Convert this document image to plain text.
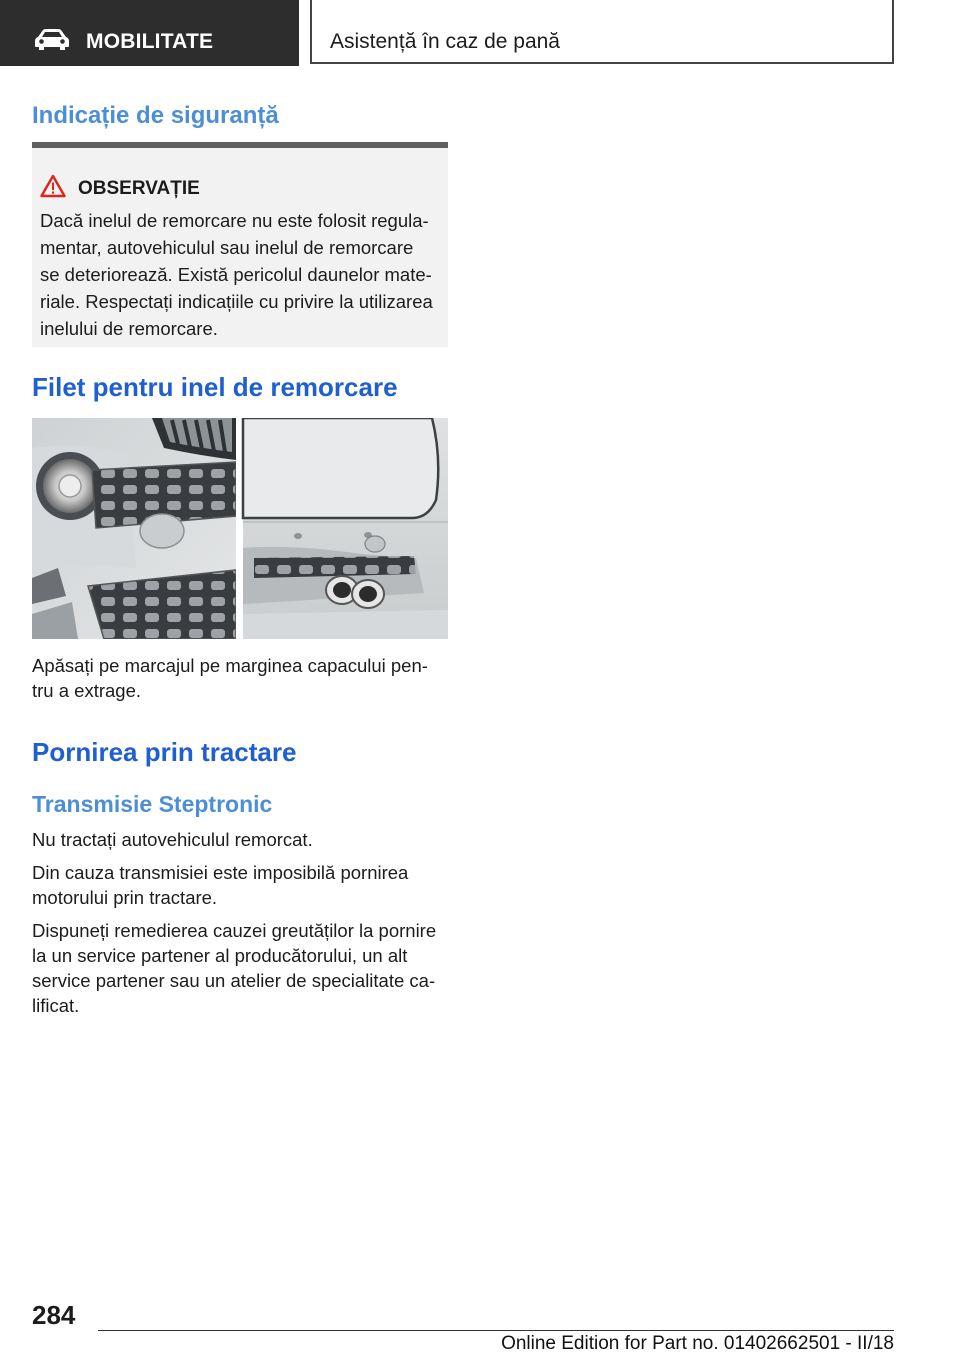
MOBILITATE	Asistență în caz de pană
Indicație de siguranță
OBSERVAȚIE
Dacă inelul de remorcare nu este folosit regula-
mentar, autovehiculul sau inelul de remorcare
se deteriorează. Există pericolul daunelor mate-
riale. Respectați indicațiile cu privire la utilizarea
inelului de remorcare.
Filet pentru inel de remorcare
Apăsați pe marcajul pe marginea capacului pen-
tru a extrage.
Pornirea prin tractare
Transmisie Steptronic

Nu tractați autovehiculul remorcat.

Din cauza transmisiei este imposibilă pornirea
motorului prin tractare.
Dispuneți remedierea cauzei greutăților la pornire
la un service partener al producătorului, un alt
service partener sau un atelier de specialitate ca-
lificat.
284
Online Edition for Part no. 01402662501 - II/18
